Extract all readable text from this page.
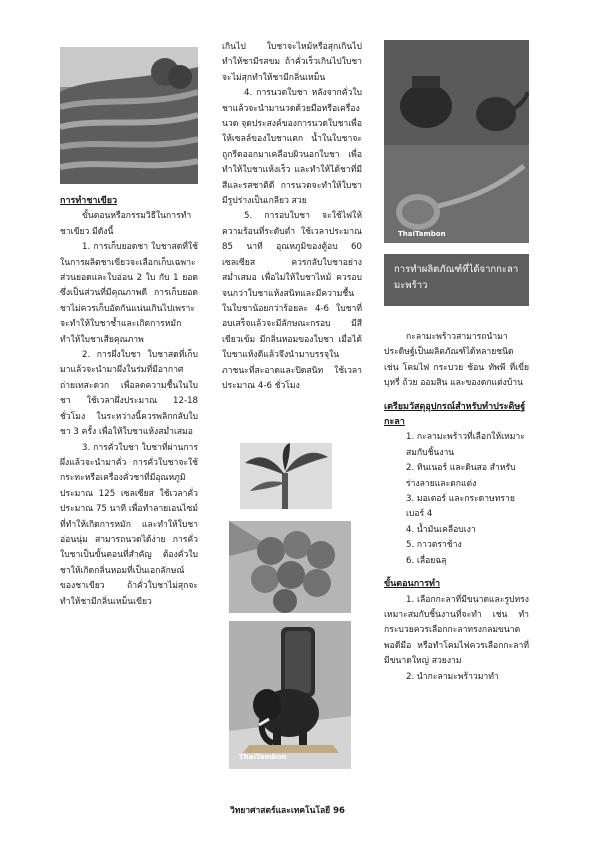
การทำชาเขียว

ขั้นตอนหรือกรรมวิธีในการทำชาเขียว มีดังนี้

1. การเก็บยอดชา ใบชาสดที่ใช้ในการผลิตชาเขียวจะเลือกเก็บเฉพาะส่วนยอดและใบอ่อน 2 ใบ กับ 1 ยอด ซึ่งเป็นส่วนที่มีคุณภาพดี การเก็บยอดชาไม่ควรเก็บอัดกันแน่นเกินไปเพราะจะทำให้ใบชาช้ำและเกิดการหมัก ทำให้ใบชาเสียคุณภาพ

2. การผึ่งใบชา ใบชาสดที่เก็บมาแล้วจะนำมาผึ่งในร่มที่มีอากาศถ่ายเทสะดวก เพื่อลดความชื้นในใบชา ใช้เวลาผึ่งประมาณ 12-18 ชั่วโมง ในระหว่างนี้ควรพลิกกลับใบชา 3 ครั้ง เพื่อให้ใบชาแห้งสม่ำเสมอ

3. การคั่วใบชา ใบชาที่ผ่านการผึ่งแล้วจะนำมาคั่ว การคั่วใบชาจะใช้กระทะหรือเครื่องคั่วชาที่มีอุณหภูมิประมาณ 125 เซลเซียส ใช้เวลาคั่วประมาณ 75 นาที เพื่อทำลายเอนไซม์ที่ทำให้เกิดการหมัก และทำให้ใบชาอ่อนนุ่ม สามารถนวดได้ง่าย การคั่วใบชาเป็นขั้นตอนที่สำคัญ ต้องคั่วใบชาให้เกิดกลิ่นหอมที่เป็นเอกลักษณ์ของชาเขียว ถ้าคั่วใบชาไม่สุกจะทำให้ชามีกลิ่นเหม็นเขียว

เกินไป ใบชาจะไหม้หรือสุกเกินไปทำให้ชามีรสขม ถ้าคั่วเร็วเกินไปใบชาจะไม่สุกทำให้ชามีกลิ่นเหม็น

4. การนวดใบชา หลังจากคั่วใบชาแล้วจะนำมานวดด้วยมือหรือเครื่องนวด จุดประสงค์ของการนวดใบชาเพื่อให้เซลล์ของใบชาแตก น้ำในใบชาจะถูกรีดออกมาเคลือบผิวนอกใบชา เพื่อทำให้ใบชาแห้งเร็ว และทำให้ได้ชาที่มีสีและรสชาติดี การนวดจะทำให้ใบชามีรูปร่างเป็นเกลียว สวย

5. การอบใบชา จะใช้ไฟให้ความร้อนที่ระดับต่ำ ใช้เวลาประมาณ 85 นาที อุณหภูมิของตู้อบ 60 เซลเซียส ควรกลับใบชาอย่างสม่ำเสมอ เพื่อไม่ให้ใบชาไหม้ ควรอบจนกว่าใบชาแห้งสนิทและมีความชื้นในใบชาน้อยกว่าร้อยละ 4-6 ใบชาที่อบเสร็จแล้วจะมีลักษณะกรอบ มีสีเขียวเข้ม มีกลิ่นหอมของใบชา เมื่อได้ใบชาแห้งดีแล้วจึงนำมาบรรจุในภาชนะที่สะอาดและปิดสนิท ใช้เวลาประมาณ 4-6 ชั่วโมง

ThaiTambon
ThaiTambon
การทำผลิตภัณฑ์ที่ได้จากกะลามะพร้าว

กะลามะพร้าวสามารถนำมาประดิษฐ์เป็นผลิตภัณฑ์ได้หลายชนิด เช่น โคมไฟ กระบวย ช้อน ทัพพี ที่เขี่ยบุหรี่ ถ้วย ออมสิน และของตกแต่งบ้าน

เตรียมวัสดุอุปกรณ์สำหรับทำประดิษฐ์กะลา
1. กะลามะพร้าวที่เลือกให้เหมาะสมกับชิ้นงาน
2. ทินเนอร์ และดินสอ สำหรับร่างลายและตกแต่ง
3. มอเตอร์ และกระดาษทราย เบอร์ 4
4. น้ำมันเคลือบเงา
5. กาวตราช้าง
6. เลื่อยฉลุ
ขั้นตอนการทำ

1. เลือกกะลาที่มีขนาดและรูปทรงเหมาะสมกับชิ้นงานที่จะทำ เช่น ทำกระบวยควรเลือกกะลาทรงกลมขนาดพอดีมือ หรือทำโคมไฟควรเลือกกะลาที่มีขนาดใหญ่ สวยงาม

2. นำกะลามะพร้าวมาทำ

วิทยาศาสตร์และเทคโนโลยี 96
